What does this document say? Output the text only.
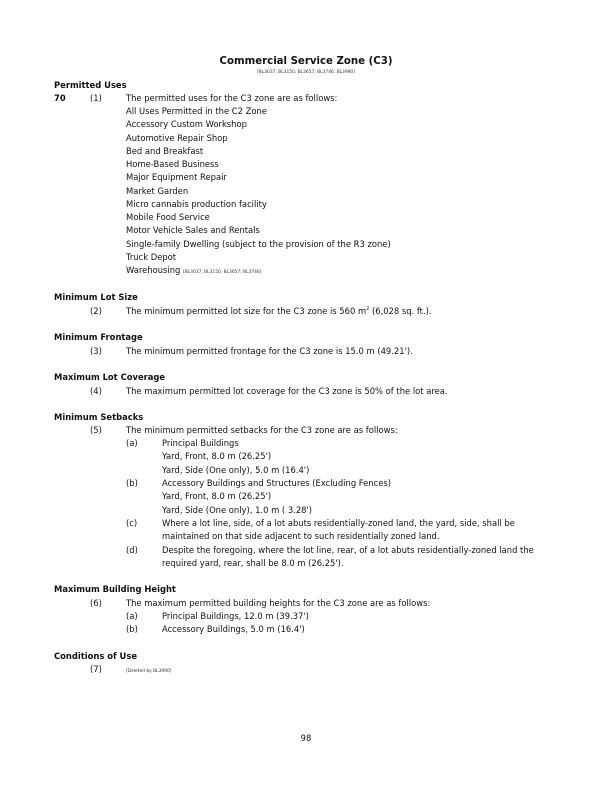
Commercial Service Zone (C3)
[BL3037, BL3150, BL3657; BL3746, BL3990]
Permitted Uses
70	(1)	The permitted uses for the C3 zone are as follows:
All Uses Permitted in the C2 Zone
Accessory Custom Workshop
Automotive Repair Shop
Bed and Breakfast
Home-Based Business
Major Equipment Repair
Market Garden
Micro cannabis production facility
Mobile Food Service
Motor Vehicle Sales and Rentals
Single-family Dwelling (subject to the provision of the R3 zone)
Truck Depot
Warehousing [BL3037, BL3150, BL3657; BL3746]
Minimum Lot Size
(2)	The minimum permitted lot size for the C3 zone is 560 $m^2$ (6,028 sq. ft.).
Minimum Frontage
(3)	The minimum permitted frontage for the C3 zone is 15.0 m (49.21').
Maximum Lot Coverage
(4)	The maximum permitted lot coverage for the C3 zone is 50% of the lot area.
Minimum Setbacks
(5)	The minimum permitted setbacks for the C3 zone are as follows:
(a)	Principal Buildings
Yard, Front, 8.0 m (26.25')
Yard, Side (One only), 5.0 m (16.4')
(b)	Accessory Buildings and Structures (Excluding Fences)
Yard, Front, 8.0 m (26.25')
Yard, Side (One only), 1.0 m ( 3.28')
(c)	Where a lot line, side, of a lot abuts residentially-zoned land, the yard, side, shall be
maintained on that side adjacent to such residentially zoned land.
(d)	Despite the foregoing, where the lot line, rear, of a lot abuts residentially-zoned land the
required yard, rear, shall be 8.0 m (26.25').
Maximum Building Height
(6)	The maximum permitted building heights for the C3 zone are as follows:
(a)	Principal Buildings, 12.0 m (39.37')
(b)	Accessory Buildings, 5.0 m (16.4')
Conditions of Use
(7)	[Deleted by BL3990]
98
